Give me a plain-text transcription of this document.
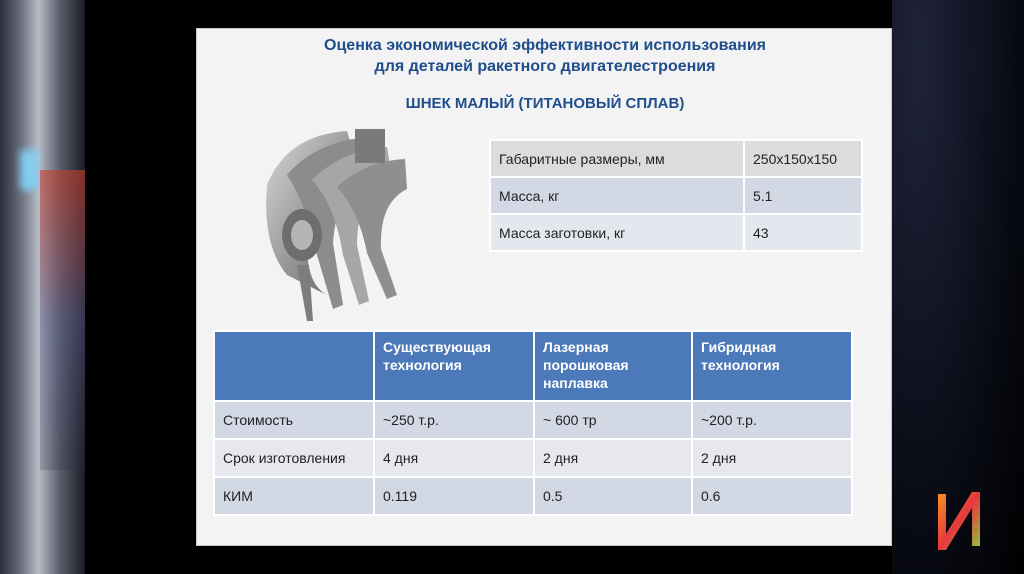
Оценка экономической эффективности использования
для деталей ракетного двигателестроения
ШНЕК МАЛЫЙ (ТИТАНОВЫЙ СПЛАВ)
Габаритные размеры, мм	250x150x150
Масса, кг	5.1
Масса заготовки, кг	43
	Существующая технология	Лазерная порошковая наплавка	Гибридная технология
Стоимость	~250 т.р.	~ 600 тр	~200 т.р.
Срок изготовления	4 дня	2 дня	2 дня
КИМ	0.119	0.5	0.6
